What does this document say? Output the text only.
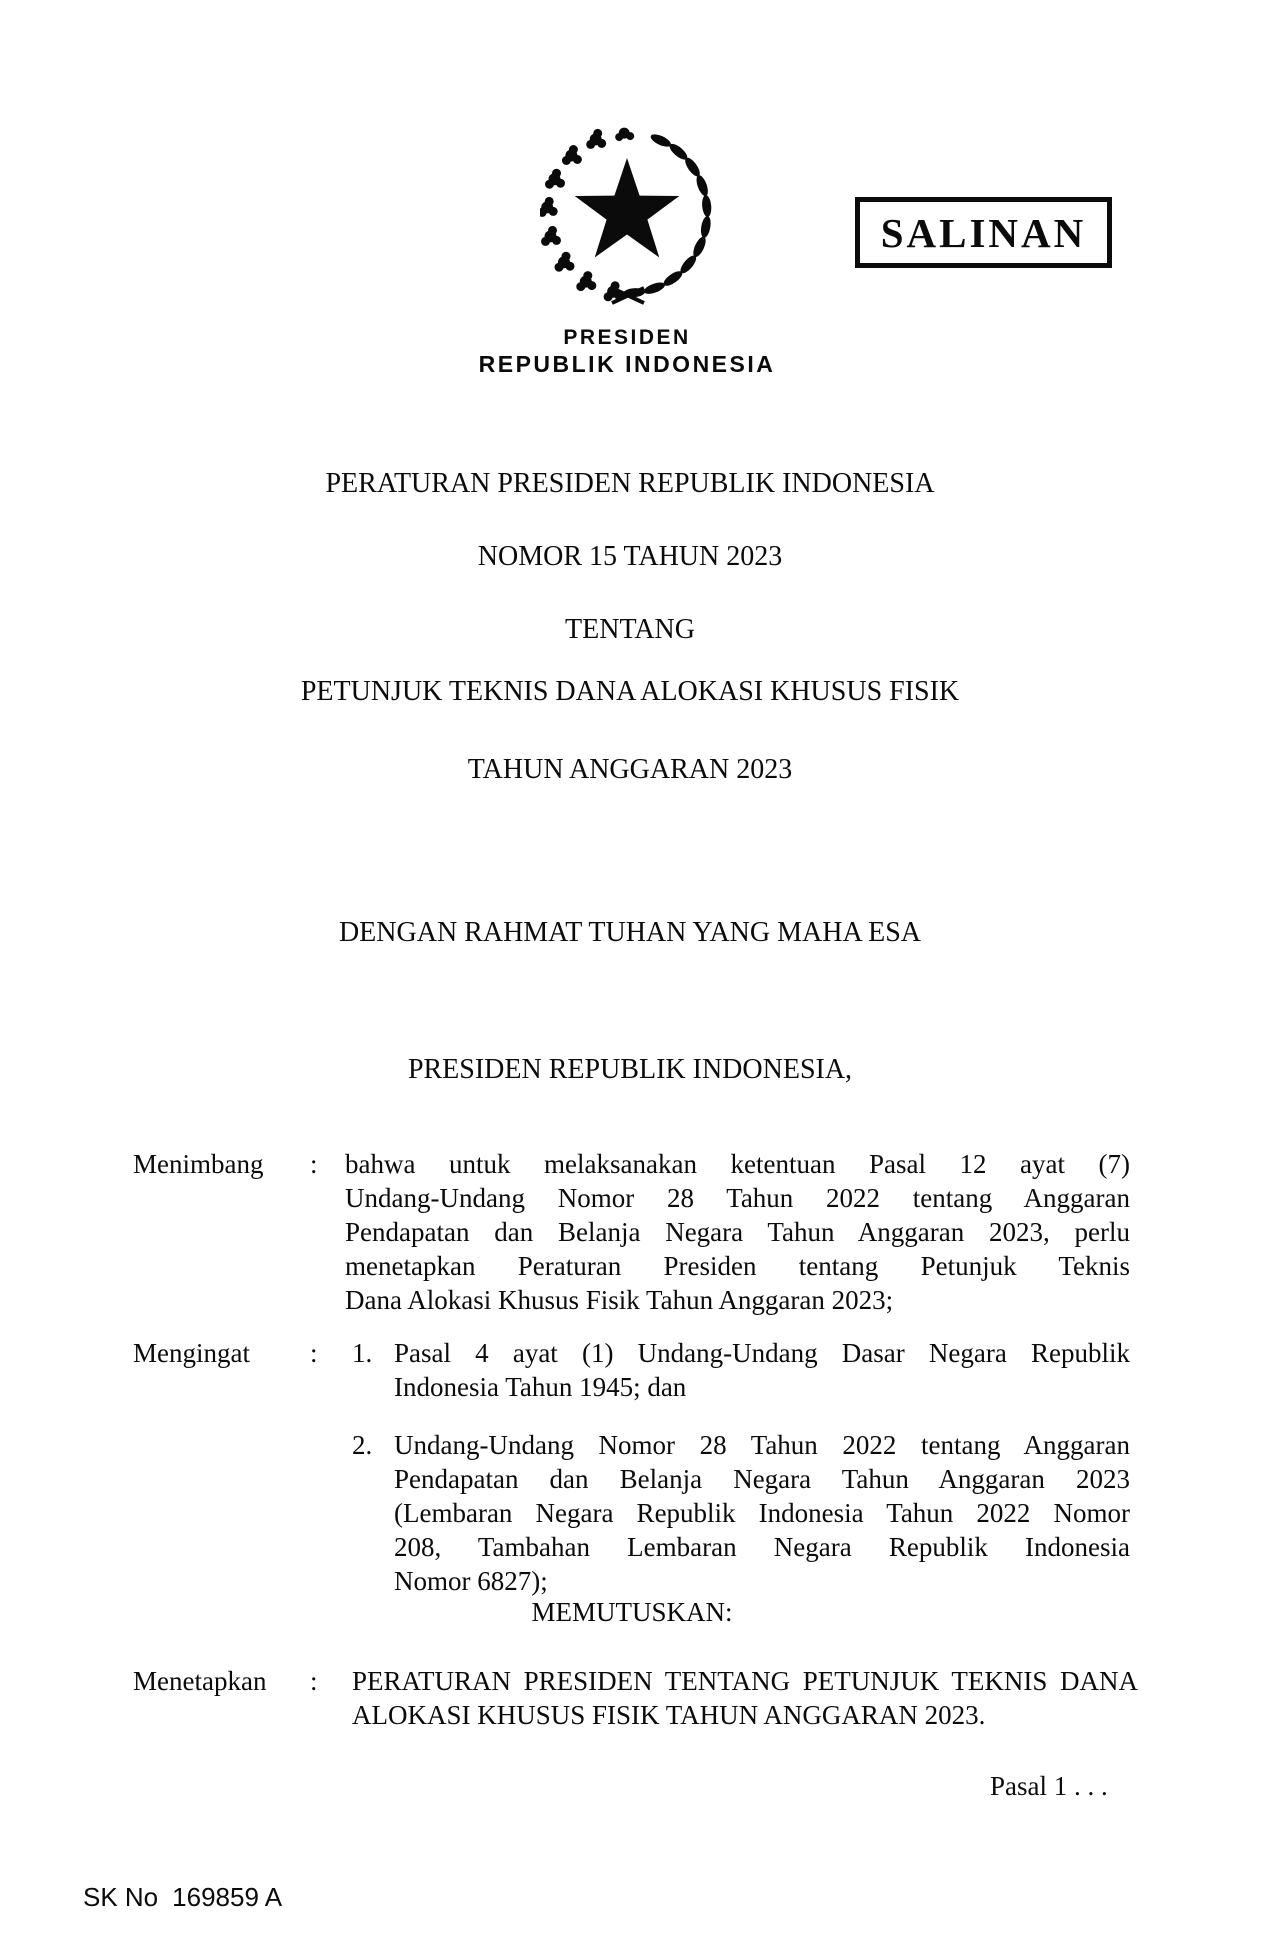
SALINAN
PRESIDEN
REPUBLIK INDONESIA
PERATURAN PRESIDEN REPUBLIK INDONESIA
NOMOR 15 TAHUN 2023
TENTANG
PETUNJUK TEKNIS DANA ALOKASI KHUSUS FISIK
TAHUN ANGGARAN 2023
DENGAN RAHMAT TUHAN YANG MAHA ESA
PRESIDEN REPUBLIK INDONESIA,
Menimbang : bahwa untuk melaksanakan ketentuan Pasal 12 ayat (7)
Undang-Undang Nomor 28 Tahun 2022 tentang Anggaran
Pendapatan dan Belanja Negara Tahun Anggaran 2023, perlu
menetapkan Peraturan Presiden tentang Petunjuk Teknis
Dana Alokasi Khusus Fisik Tahun Anggaran 2023;
Mengingat : 1. Pasal 4 ayat (1) Undang-Undang Dasar Negara Republik
Indonesia Tahun 1945; dan
2. Undang-Undang Nomor 28 Tahun 2022 tentang Anggaran
Pendapatan dan Belanja Negara Tahun Anggaran 2023
(Lembaran Negara Republik Indonesia Tahun 2022 Nomor
208, Tambahan Lembaran Negara Republik Indonesia
Nomor 6827);
MEMUTUSKAN:
Menetapkan : PERATURAN PRESIDEN TENTANG PETUNJUK TEKNIS DANA
ALOKASI KHUSUS FISIK TAHUN ANGGARAN 2023.
Pasal 1 . . .
SK No 169859 A
